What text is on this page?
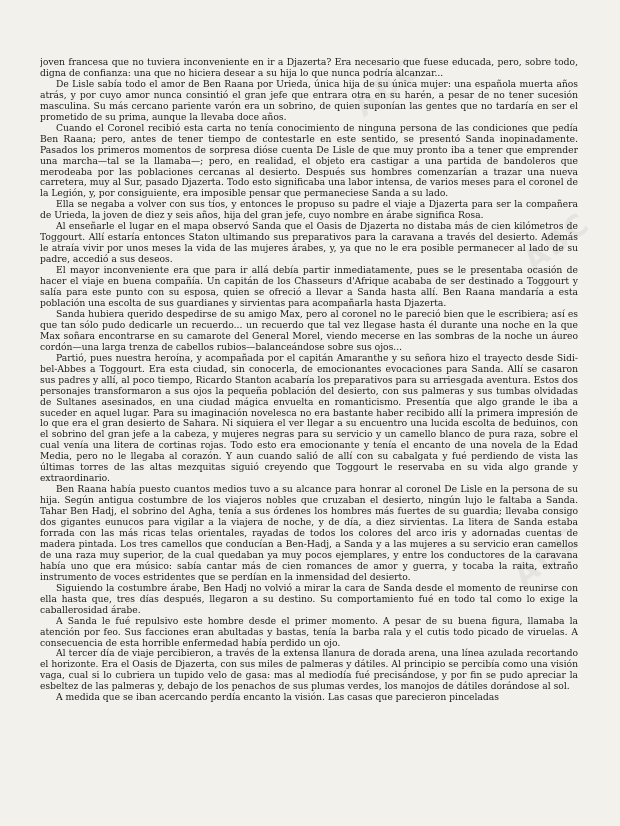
ABC
ABC
ABC

joven francesa que no tuviera inconveniente en ir a Djazerta? Era necesario que fuese educada, pero, sobre todo, digna de confianza: una que no hiciera desear a su hija lo que nunca podría alcanzar...

De Lisle sabía todo el amor de Ben Raana por Urieda, única hija de su única mujer: una española muerta años atrás, y por cuyo amor nunca consintió el gran jefe que entrara otra en su harén, a pesar de no tener sucesión masculina. Su más cercano pariente varón era un sobrino, de quien suponían las gentes que no tardaría en ser el prometido de su prima, aunque la llevaba doce años.

Cuando el Coronel recibió esta carta no tenía conocimiento de ninguna persona de las condiciones que pedía Ben Raana; pero, antes de tener tiempo de contestarle en este sentido, se presentó Sanda inopinadamente. Pasados los primeros momentos de sorpresa dióse cuenta De Lisle de que muy pronto iba a tener que emprender una marcha—tal se la llamaba—; pero, en realidad, el objeto era castigar a una partida de bandoleros que merodeaba por las poblaciones cercanas al desierto. Después sus hombres comenzarían a trazar una nueva carretera, muy al Sur, pasado Djazerta. Todo esto significaba una labor intensa, de varios meses para el coronel de la Legión, y, por consiguiente, era imposible pensar que permaneciese Sanda a su lado.

Ella se negaba a volver con sus tíos, y entonces le propuso su padre el viaje a Djazerta para ser la compañera de Urieda, la joven de diez y seis años, hija del gran jefe, cuyo nombre en árabe significa Rosa.

Al enseñarle el lugar en el mapa observó Sanda que el Oasis de Djazerta no distaba más de cien kilómetros de Toggourt. Allí estaría entonces Staton ultimando sus preparativos para la caravana a través del desierto. Además le atraía vivir por unos meses la vida de las mujeres árabes, y, ya que no le era posible permanecer al lado de su padre, accedió a sus deseos.

El mayor inconveniente era que para ir allá debía partir inmediatamente, pues se le presentaba ocasión de hacer el viaje en buena compañía. Un capitán de los Chasseurs d'Afrique acababa de ser destinado a Toggourt y salía para este punto con su esposa, quien se ofreció a llevar a Sanda hasta allí. Ben Raana mandaría a esta población una escolta de sus guardianes y sirvientas para acompañarla hasta Djazerta.

Sanda hubiera querido despedirse de su amigo Max, pero al coronel no le pareció bien que le escribiera; así es que tan sólo pudo dedicarle un recuerdo... un recuerdo que tal vez llegase hasta él durante una noche en la que Max soñara encontrarse en su camarote del General Morel, viendo mecerse en las sombras de la noche un áureo cordón—una larga trenza de cabellos rubios—balanceándose sobre sus ojos...

Partió, pues nuestra heroína, y acompañada por el capitán Amaranthe y su señora hizo el trayecto desde Sidi-bel-Abbes a Toggourt. Era esta ciudad, sin conocerla, de emocionantes evocaciones para Sanda. Allí se casaron sus padres y allí, al poco tiempo, Ricardo Stanton acabaría los preparativos para su arriesgada aventura. Estos dos personajes transformaron a sus ojos la pequeña población del desierto, con sus palmeras y sus tumbas olvidadas de Sultanes asesinados, en una ciudad mágica envuelta en romanticismo. Presentía que algo grande le iba a suceder en aquel lugar. Para su imaginación novelesca no era bastante haber recibido allí la primera impresión de lo que era el gran desierto de Sahara. Ni siquiera el ver llegar a su encuentro una lucida escolta de beduinos, con el sobrino del gran jefe a la cabeza, y mujeres negras para su servicio y un camello blanco de pura raza, sobre el cual venía una litera de cortinas rojas. Todo esto era emocionante y tenía el encanto de una novela de la Edad Media, pero no le llegaba al corazón. Y aun cuando salió de allí con su cabalgata y fué perdiendo de vista las últimas torres de las altas mezquitas siguió creyendo que Toggourt le reservaba en su vida algo grande y extraordinario.

Ben Raana había puesto cuantos medios tuvo a su alcance para honrar al coronel De Lisle en la persona de su hija. Según antigua costumbre de los viajeros nobles que cruzaban el desierto, ningún lujo le faltaba a Sanda. Tahar Ben Hadj, el sobrino del Agha, tenía a sus órdenes los hombres más fuertes de su guardia; llevaba consigo dos gigantes eunucos para vigilar a la viajera de noche, y de día, a diez sirvientas. La litera de Sanda estaba forrada con las más ricas telas orientales, rayadas de todos los colores del arco iris y adornadas cuentas de madera pintada. Los tres camellos que conducían a Ben-Hadj, a Sanda y a las mujeres a su servicio eran camellos de una raza muy superior, de la cual quedaban ya muy pocos ejemplares, y entre los conductores de la caravana había uno que era músico: sabía cantar más de cien romances de amor y guerra, y tocaba la raita, extraño instrumento de voces estridentes que se perdían en la inmensidad del desierto.

Siguiendo la costumbre árabe, Ben Hadj no volvió a mirar la cara de Sanda desde el momento de reunirse con ella hasta que, tres días después, llegaron a su destino. Su comportamiento fué en todo tal como lo exige la caballerosidad árabe.

A Sanda le fué repulsivo este hombre desde el primer momento. A pesar de su buena figura, llamaba la atención por feo. Sus facciones eran abultadas y bastas, tenía la barba rala y el cutis todo picado de viruelas. A consecuencia de esta horrible enfermedad había perdido un ojo.

Al tercer día de viaje percibieron, a través de la extensa llanura de dorada arena, una línea azulada recortando el horizonte. Era el Oasis de Djazerta, con sus miles de palmeras y dátiles. Al principio se percibía como una visión vaga, cual si lo cubriera un tupido velo de gasa: mas al mediodía fué precisándose, y por fin se pudo apreciar la esbeltez de las palmeras y, debajo de los penachos de sus plumas verdes, los manojos de dátiles dorándose al sol.

A medida que se iban acercando perdía encanto la visión. Las casas que parecieron pinceladas
